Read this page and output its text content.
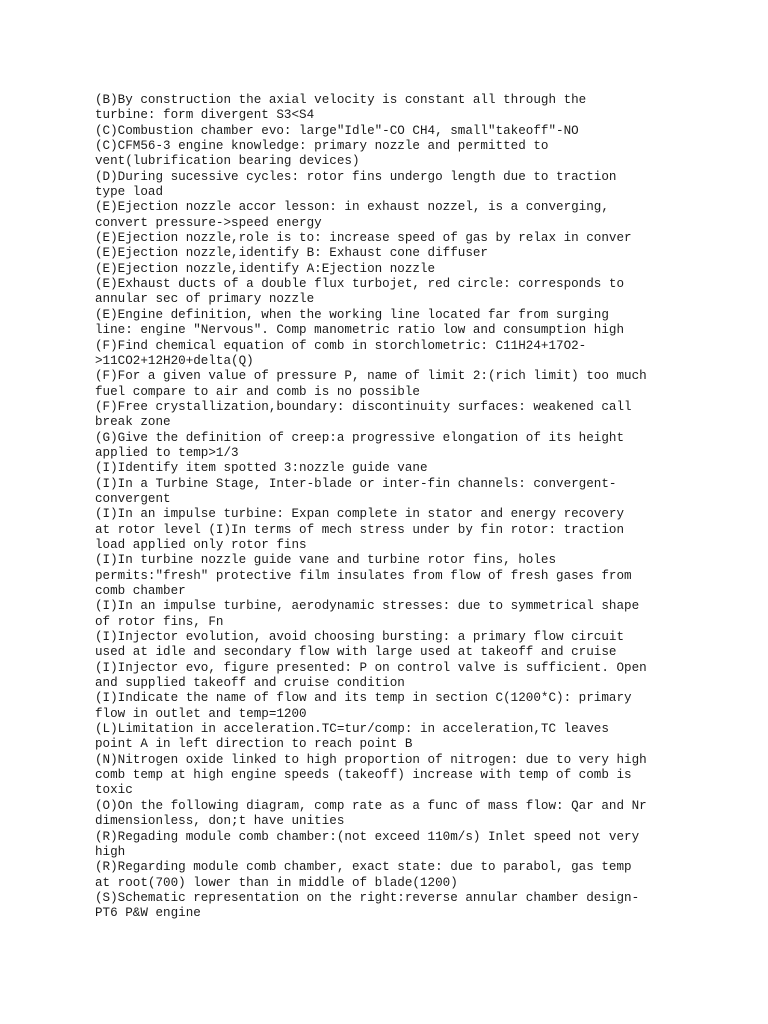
(B)By construction the axial velocity is constant all through the
turbine: form divergent S3<S4
(C)Combustion chamber evo: large"Idle"-CO CH4, small"takeoff"-NO
(C)CFM56-3 engine knowledge: primary nozzle and permitted to
vent(lubrification bearing devices)
(D)During sucessive cycles: rotor fins undergo length due to traction
type load
(E)Ejection nozzle accor lesson: in exhaust nozzel, is a converging,
convert pressure->speed energy
(E)Ejection nozzle,role is to: increase speed of gas by relax in conver
(E)Ejection nozzle,identify B: Exhaust cone diffuser
(E)Ejection nozzle,identify A:Ejection nozzle
(E)Exhaust ducts of a double flux turbojet, red circle: corresponds to
annular sec of primary nozzle
(E)Engine definition, when the working line located far from surging
line: engine "Nervous". Comp manometric ratio low and consumption high
(F)Find chemical equation of comb in storchlometric: C11H24+17O2-
>11CO2+12H20+delta(Q)
(F)For a given value of pressure P, name of limit 2:(rich limit) too much
fuel compare to air and comb is no possible
(F)Free crystallization,boundary: discontinuity surfaces: weakened call
break zone
(G)Give the definition of creep:a progressive elongation of its height
applied to temp>1/3
(I)Identify item spotted 3:nozzle guide vane
(I)In a Turbine Stage, Inter-blade or inter-fin channels: convergent-
convergent
(I)In an impulse turbine: Expan complete in stator and energy recovery
at rotor level (I)In terms of mech stress under by fin rotor: traction
load applied only rotor fins
(I)In turbine nozzle guide vane and turbine rotor fins, holes
permits:"fresh" protective film insulates from flow of fresh gases from
comb chamber
(I)In an impulse turbine, aerodynamic stresses: due to symmetrical shape
of rotor fins, Fn
(I)Injector evolution, avoid choosing bursting: a primary flow circuit
used at idle and secondary flow with large used at takeoff and cruise
(I)Injector evo, figure presented: P on control valve is sufficient. Open
and supplied takeoff and cruise condition
(I)Indicate the name of flow and its temp in section C(1200*C): primary
flow in outlet and temp=1200
(L)Limitation in acceleration.TC=tur/comp: in acceleration,TC leaves
point A in left direction to reach point B
(N)Nitrogen oxide linked to high proportion of nitrogen: due to very high
comb temp at high engine speeds (takeoff) increase with temp of comb is
toxic
(O)On the following diagram, comp rate as a func of mass flow: Qar and Nr
dimensionless, don;t have unities
(R)Regading module comb chamber:(not exceed 110m/s) Inlet speed not very
high
(R)Regarding module comb chamber, exact state: due to parabol, gas temp
at root(700) lower than in middle of blade(1200)
(S)Schematic representation on the right:reverse annular chamber design-
PT6 P&W engine
